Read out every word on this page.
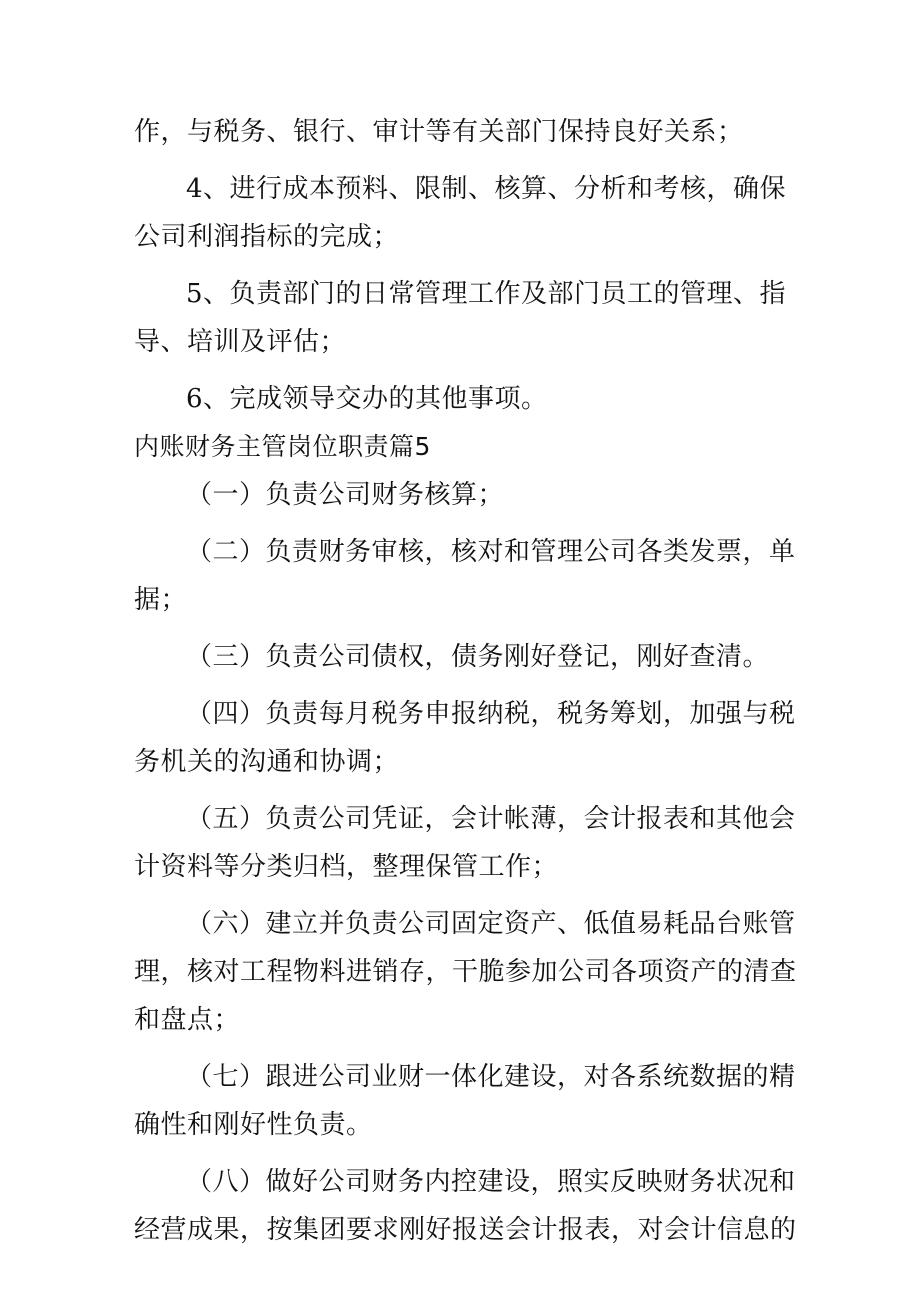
作，与税务、银行、审计等有关部门保持良好关系；
4、进行成本预料、限制、核算、分析和考核，确保
公司利润指标的完成；
5、负责部门的日常管理工作及部门员工的管理、指
导、培训及评估；
6、完成领导交办的其他事项。
内账财务主管岗位职责篇5
（一）负责公司财务核算；
（二）负责财务审核，核对和管理公司各类发票，单
据；
（三）负责公司债权，债务刚好登记，刚好查清。
（四）负责每月税务申报纳税，税务筹划，加强与税
务机关的沟通和协调；
（五）负责公司凭证，会计帐薄，会计报表和其他会
计资料等分类归档，整理保管工作；
（六）建立并负责公司固定资产、低值易耗品台账管
理，核对工程物料进销存，干脆参加公司各项资产的清查
和盘点；
（七）跟进公司业财一体化建设，对各系统数据的精
确性和刚好性负责。
（八）做好公司财务内控建设，照实反映财务状况和
经营成果，按集团要求刚好报送会计报表，对会计信息的
